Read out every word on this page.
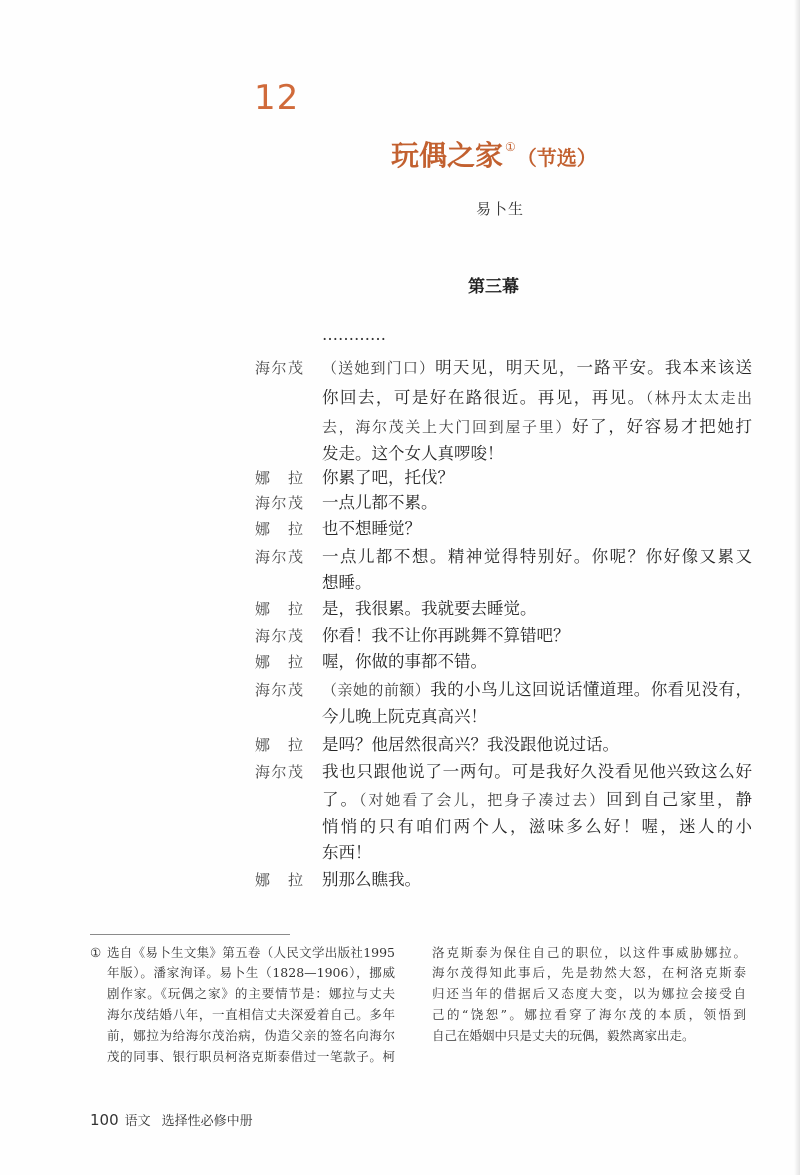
12
玩偶之家 ① （节选）
易卜生
第三幕
…………
海尔茂 （送她到门口）明天见，明天见，一路平安。我本来该送
你回去，可是好在路很近。再见，再见。（林丹太太走出
去，海尔茂关上大门回到屋子里）好了，好容易才把她打
发走。这个女人真啰唆！
娜 拉 你累了吧，托伐？
海尔茂 一点儿都不累。
娜 拉 也不想睡觉？
海尔茂 一点儿都不想。精神觉得特别好。你呢？你好像又累又
想睡。
娜 拉 是，我很累。我就要去睡觉。
海尔茂 你看！我不让你再跳舞不算错吧？
娜 拉 喔，你做的事都不错。
海尔茂 （亲她的前额）我的小鸟儿这回说话懂道理。你看见没有，
今儿晚上阮克真高兴！
娜 拉 是吗？他居然很高兴？我没跟他说过话。
海尔茂 我也只跟他说了一两句。可是我好久没看见他兴致这么好
了。（对她看了会儿，把身子凑过去）回到自己家里，静
悄悄的只有咱们两个人，滋味多么好！喔，迷人的小
东西！
娜 拉 别那么瞧我。
① 选自《易卜生文集》第五卷（人民文学出版社1995
年版）。潘家洵译。易卜生（1828—1906），挪威
剧作家。《玩偶之家》的主要情节是：娜拉与丈夫
海尔茂结婚八年，一直相信丈夫深爱着自己。多年
前，娜拉为给海尔茂治病，伪造父亲的签名向海尔
茂的同事、银行职员柯洛克斯泰借过一笔款子。柯
洛克斯泰为保住自己的职位，以这件事威胁娜拉。
海尔茂得知此事后，先是勃然大怒，在柯洛克斯泰
归还当年的借据后又态度大变，以为娜拉会接受自
己的“饶恕”。娜拉看穿了海尔茂的本质，领悟到
自己在婚姻中只是丈夫的玩偶，毅然离家出走。
100 语文 选择性必修中册
